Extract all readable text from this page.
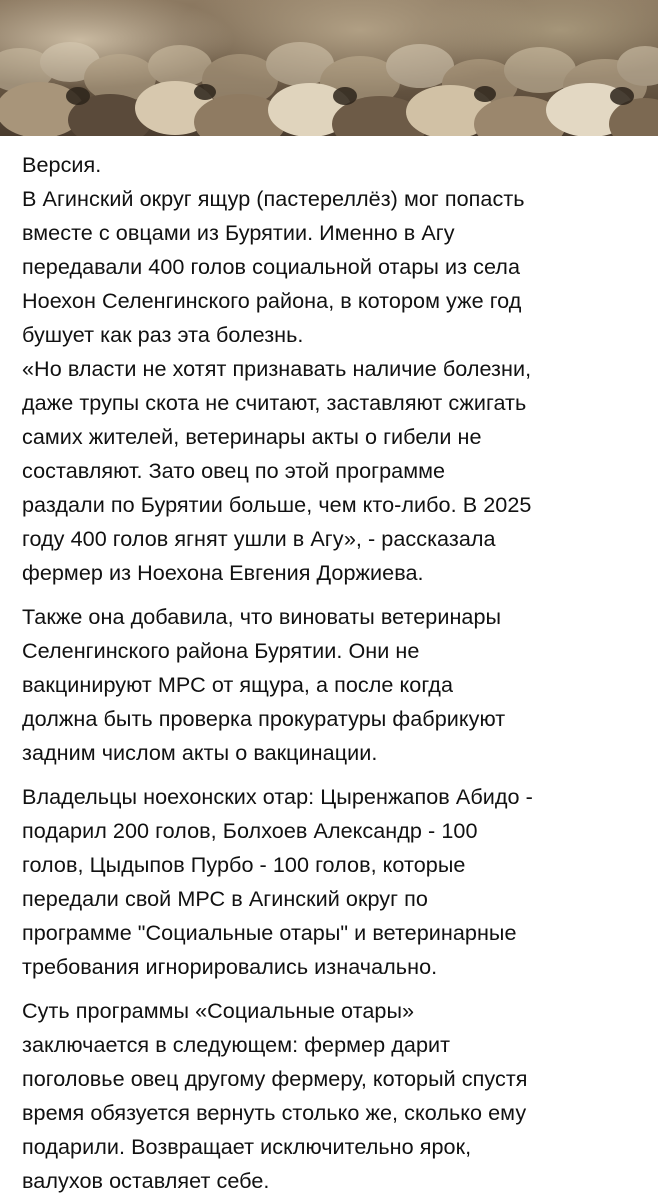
Версия.
В Агинский округ ящур (пастереллёз) мог попасть
вместе с овцами из Бурятии. Именно в Агу
передавали 400 голов социальной отары из села
Ноехон Селенгинского района, в котором уже год
бушует как раз эта болезнь.
«Но власти не хотят признавать наличие болезни,
даже трупы скота не считают, заставляют сжигать
самих жителей, ветеринары акты о гибели не
составляют. Зато овец по этой программе
раздали по Бурятии больше, чем кто-либо. В 2025
году 400 голов ягнят ушли в Агу», - рассказала
фермер из Ноехона Евгения Доржиева.

Также она добавила, что виноваты ветеринары
Селенгинского района Бурятии. Они не
вакцинируют МРС от ящура, а после когда
должна быть проверка прокуратуры фабрикуют
задним числом акты о вакцинации.

Владельцы ноехонских отар: Цыренжапов Абидо -
подарил 200 голов, Болхоев Александр - 100
голов, Цыдыпов Пурбо - 100 голов, которые
передали свой МРС в Агинский округ по
программе "Социальные отары" и ветеринарные
требования игнорировались изначально.

Суть программы «Социальные отары»
заключается в следующем: фермер дарит
поголовье овец другому фермеру, который спустя
время обязуется вернуть столько же, сколько ему
подарили. Возвращает исключительно ярок,
валухов оставляет себе.
